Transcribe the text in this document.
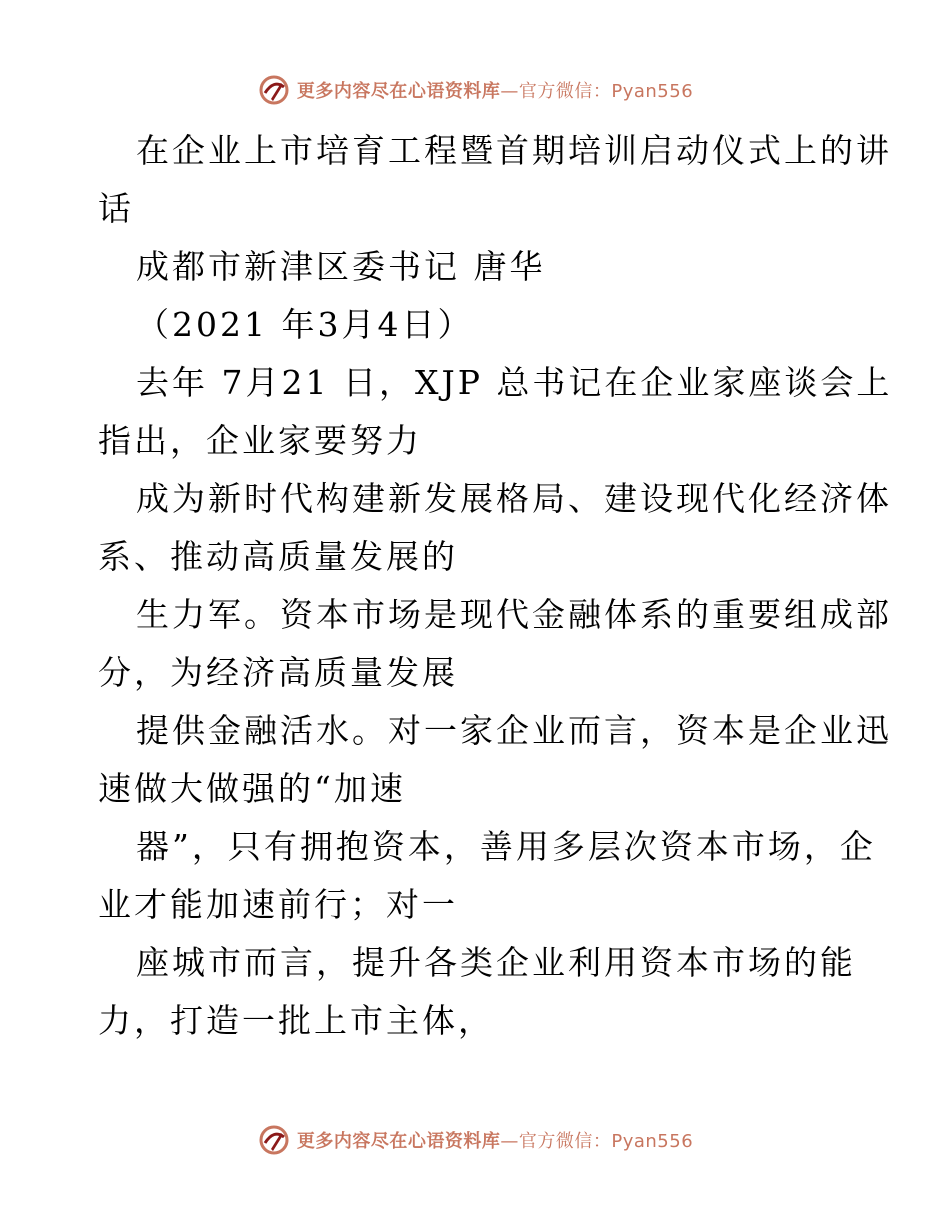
更多内容尽在心语资料库—官方微信：Pyan556
在企业上市培育工程暨首期培训启动仪式上的讲
话
成都市新津区委书记 唐华
（2021 年3月4日）
去年 7月21 日，XJP 总书记在企业家座谈会上
指出，企业家要努力
成为新时代构建新发展格局、建设现代化经济体
系、推动高质量发展的
生力军。资本市场是现代金融体系的重要组成部
分，为经济高质量发展
提供金融活水。对一家企业而言，资本是企业迅
速做大做强的“加速
器”，只有拥抱资本，善用多层次资本市场，企
业才能加速前行；对一
座城市而言，提升各类企业利用资本市场的能
力，打造一批上市主体，
更多内容尽在心语资料库—官方微信：Pyan556
